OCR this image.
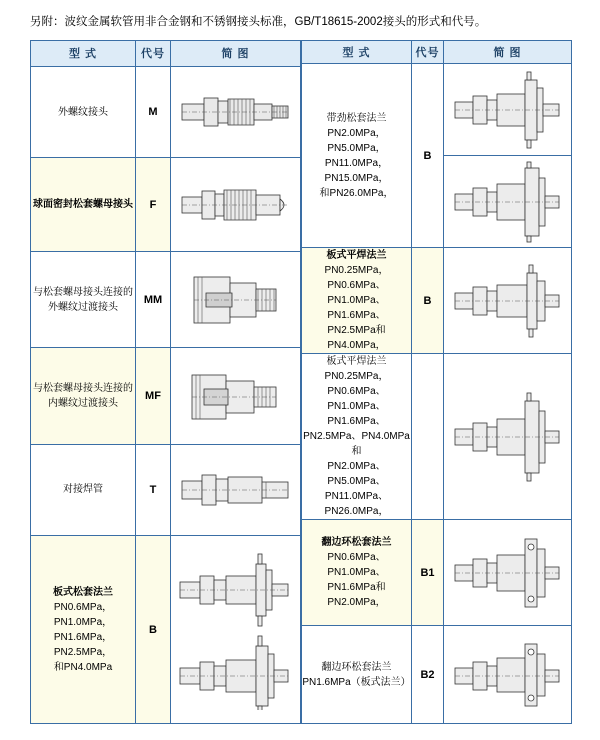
另附：波纹金属软管用非合金钢和不锈钢接头标准，GB/T18615-2002接头的形式和代号。
型 式	代号	简 图
外螺纹接头	M	

球面密封松套螺母接头	F	

与松套螺母接头连接的外螺纹过渡接头	MM	

与松套螺母接头连接的内螺纹过渡接头	MF	

对接焊管	T	

板式松套法兰
PN0.6MPa，PN1.0MPa，
PN1.6MPa，PN2.5MPa，
和PN4.0MPa	B	
型 式	代号	简 图

带劲松套法兰
PN2.0MPa，PN5.0MPa，
PN11.0MPa，PN15.0MPa，
和PN26.0MPa，	B	

板式平焊法兰
PN0.25MPa，PN0.6MPa、
PN1.0MPa、PN1.6MPa、
PN2.5MPa和PN4.0MPa，	B	

板式平焊法兰
PN0.25MPa，PN0.6MPa、
PN1.0MPa、PN1.6MPa、
PN2.5MPa、PN4.0MPa 和
PN2.0MPa、PN5.0MPa、
PN11.0MPa、PN26.0MPa，

翻边环松套法兰
PN0.6MPa、PN1.0MPa、
PN1.6MPa和PN2.0MPa，	B1	

翻边环松套法兰
PN1.6MPa（板式法兰）	B2	
